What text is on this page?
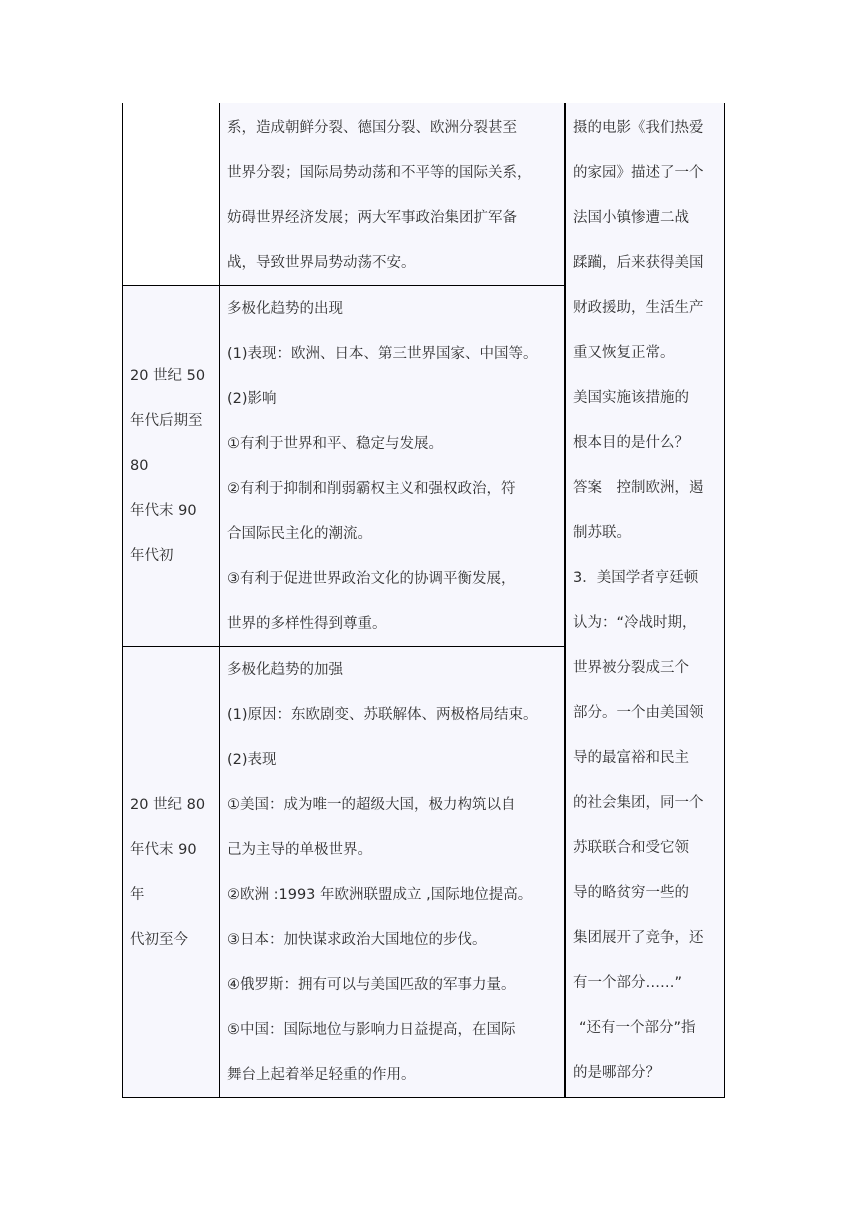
系，造成朝鲜分裂、德国分裂、欧洲分裂甚至
世界分裂；国际局势动荡和不平等的国际关系，
妨碍世界经济发展；两大军事政治集团扩军备
战，导致世界局势动荡不安。
20 世纪 50
年代后期至
80
年代末 90
年代初
多极化趋势的出现
(1)表现：欧洲、日本、第三世界国家、中国等。
(2)影响
①有利于世界和平、稳定与发展。
②有利于抑制和削弱霸权主义和强权政治，符
合国际民主化的潮流。
③有利于促进世界政治文化的协调平衡发展，
世界的多样性得到尊重。
20 世纪 80
年代末 90
年
代初至今
多极化趋势的加强
(1)原因：东欧剧变、苏联解体、两极格局结束。
(2)表现
①美国：成为唯一的超级大国，极力构筑以自
己为主导的单极世界。
②欧洲 :1993 年欧洲联盟成立 ,国际地位提高。
③日本：加快谋求政治大国地位的步伐。
④俄罗斯：拥有可以与美国匹敌的军事力量。
⑤中国：国际地位与影响力日益提高，在国际
舞台上起着举足轻重的作用。
摄的电影《我们热爱
的家园》描述了一个
法国小镇惨遭二战
蹂躏，后来获得美国
财政援助，生活生产
重又恢复正常。
美国实施该措施的
根本目的是什么？
答案　控制欧洲，遏
制苏联。
3．美国学者亨廷顿
认为：“冷战时期，
世界被分裂成三个
部分。一个由美国领
导的最富裕和民主
的社会集团，同一个
苏联联合和受它领
导的略贫穷一些的
集团展开了竞争，还
有一个部分……”
“还有一个部分”指
的是哪部分？
